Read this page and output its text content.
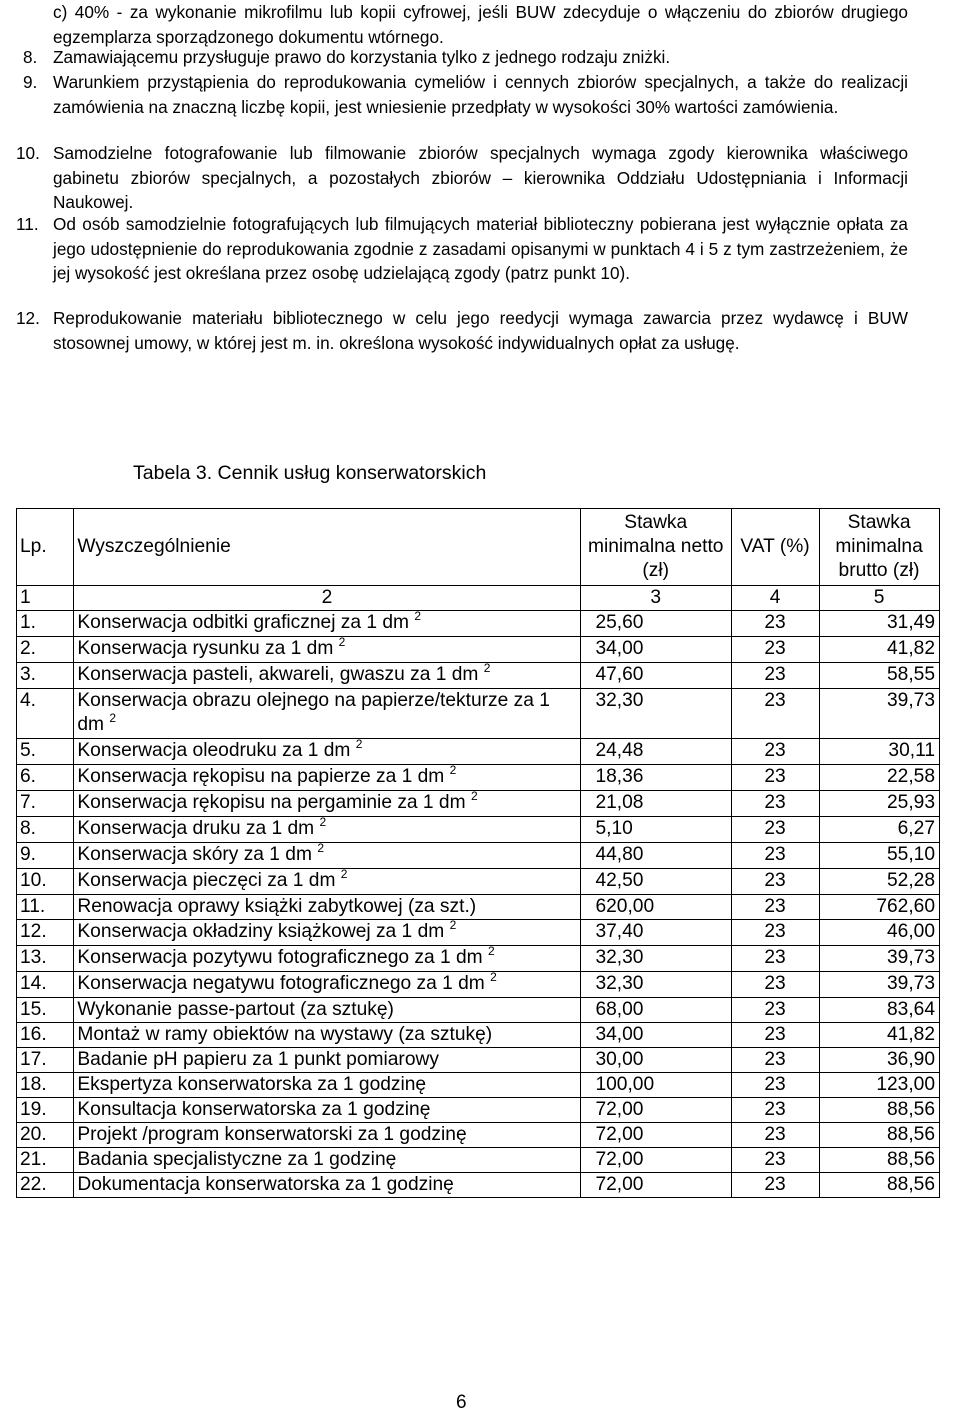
c) 40% - za wykonanie mikrofilmu lub kopii cyfrowej, jeśli BUW zdecyduje o włączeniu do zbiorów drugiego egzemplarza sporządzonego dokumentu wtórnego.
8. Zamawiającemu przysługuje prawo do korzystania tylko z jednego rodzaju zniżki.
9. Warunkiem przystąpienia do reprodukowania cymeliów i cennych zbiorów specjalnych, a także do realizacji zamówienia na znaczną liczbę kopii, jest wniesienie przedpłaty w wysokości 30% wartości zamówienia.
10. Samodzielne fotografowanie lub filmowanie zbiorów specjalnych wymaga zgody kierownika właściwego gabinetu zbiorów specjalnych, a pozostałych zbiorów – kierownika Oddziału Udostępniania i Informacji Naukowej.
11. Od osób samodzielnie fotografujących lub filmujących materiał biblioteczny pobierana jest wyłącznie opłata za jego udostępnienie do reprodukowania zgodnie z zasadami opisanymi w punktach 4 i 5 z tym zastrzeżeniem, że jej wysokość jest określana przez osobę udzielającą zgody (patrz punkt 10).
12. Reprodukowanie materiału bibliotecznego w celu jego reedycji wymaga zawarcia przez wydawcę i BUW stosownej umowy, w której jest m. in. określona wysokość indywidualnych opłat za usługę.
Tabela 3. Cennik usług konserwatorskich
Lp.	Wyszczególnienie	Stawka minimalna netto (zł)	VAT (%)	Stawka minimalna brutto (zł)
1	2	3	4	5
1.	Konserwacja odbitki graficznej za 1 dm $^2$	25,60	23	31,49
2.	Konserwacja rysunku za 1 dm $^2$	34,00	23	41,82
3.	Konserwacja pasteli, akwareli, gwaszu za 1 dm $^2$	47,60	23	58,55
4.	Konserwacja obrazu olejnego na papierze/tekturze za 1 dm $^2$	32,30	23	39,73
5.	Konserwacja oleodruku za 1 dm $^2$	24,48	23	30,11
6.	Konserwacja rękopisu na papierze za 1 dm $^2$	18,36	23	22,58
7.	Konserwacja rękopisu na pergaminie za 1 dm $^2$	21,08	23	25,93
8.	Konserwacja druku za 1 dm $^2$	5,10	23	6,27
9.	Konserwacja skóry za 1 dm $^2$	44,80	23	55,10
10.	Konserwacja pieczęci za 1 dm $^2$	42,50	23	52,28
11.	Renowacja oprawy książki zabytkowej (za szt.)	620,00	23	762,60
12.	Konserwacja okładziny książkowej za 1 dm $^2$	37,40	23	46,00
13.	Konserwacja pozytywu fotograficznego za 1 dm $^2$	32,30	23	39,73
14.	Konserwacja negatywu fotograficznego za 1 dm $^2$	32,30	23	39,73
15.	Wykonanie passe-partout (za sztukę)	68,00	23	83,64
16.	Montaż w ramy obiektów na wystawy (za sztukę)	34,00	23	41,82
17.	Badanie pH papieru za 1 punkt pomiarowy	30,00	23	36,90
18.	Ekspertyza konserwatorska za 1 godzinę	100,00	23	123,00
19.	Konsultacja konserwatorska za 1 godzinę	72,00	23	88,56
20.	Projekt /program konserwatorski za 1 godzinę	72,00	23	88,56
21.	Badania specjalistyczne za 1 godzinę	72,00	23	88,56
22.	Dokumentacja konserwatorska za 1 godzinę	72,00	23	88,56
6
